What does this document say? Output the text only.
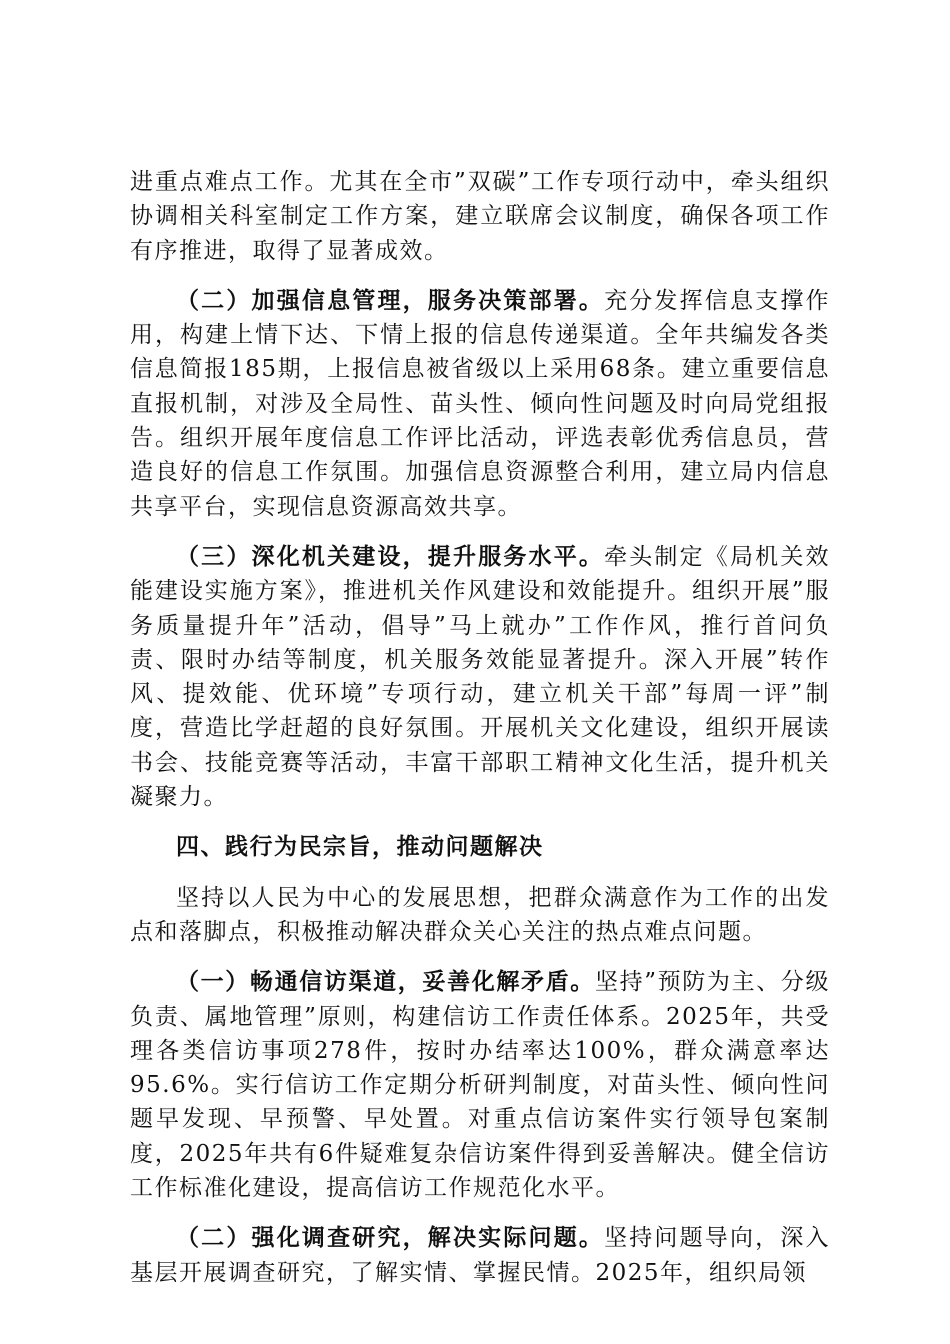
进重点难点工作。尤其在全市”双碳”工作专项行动中，牵头组织协调相关科室制定工作方案，建立联席会议制度，确保各项工作有序推进，取得了显著成效。

（二）加强信息管理，服务决策部署。充分发挥信息支撑作用，构建上情下达、下情上报的信息传递渠道。全年共编发各类信息简报185期，上报信息被省级以上采用68条。建立重要信息直报机制，对涉及全局性、苗头性、倾向性问题及时向局党组报告。组织开展年度信息工作评比活动，评选表彰优秀信息员，营造良好的信息工作氛围。加强信息资源整合利用，建立局内信息共享平台，实现信息资源高效共享。

（三）深化机关建设，提升服务水平。牵头制定《局机关效能建设实施方案》，推进机关作风建设和效能提升。组织开展”服务质量提升年”活动，倡导”马上就办”工作作风，推行首问负责、限时办结等制度，机关服务效能显著提升。深入开展”转作风、提效能、优环境”专项行动，建立机关干部”每周一评”制度，营造比学赶超的良好氛围。开展机关文化建设，组织开展读书会、技能竞赛等活动，丰富干部职工精神文化生活，提升机关凝聚力。

四、践行为民宗旨，推动问题解决

坚持以人民为中心的发展思想，把群众满意作为工作的出发点和落脚点，积极推动解决群众关心关注的热点难点问题。

（一）畅通信访渠道，妥善化解矛盾。坚持”预防为主、分级负责、属地管理”原则，构建信访工作责任体系。2025年，共受理各类信访事项278件，按时办结率达100%，群众满意率达95.6%。实行信访工作定期分析研判制度，对苗头性、倾向性问题早发现、早预警、早处置。对重点信访案件实行领导包案制度，2025年共有6件疑难复杂信访案件得到妥善解决。健全信访工作标准化建设，提高信访工作规范化水平。

（二）强化调查研究，解决实际问题。坚持问题导向，深入基层开展调查研究，了解实情、掌握民情。2025年，组织局领
